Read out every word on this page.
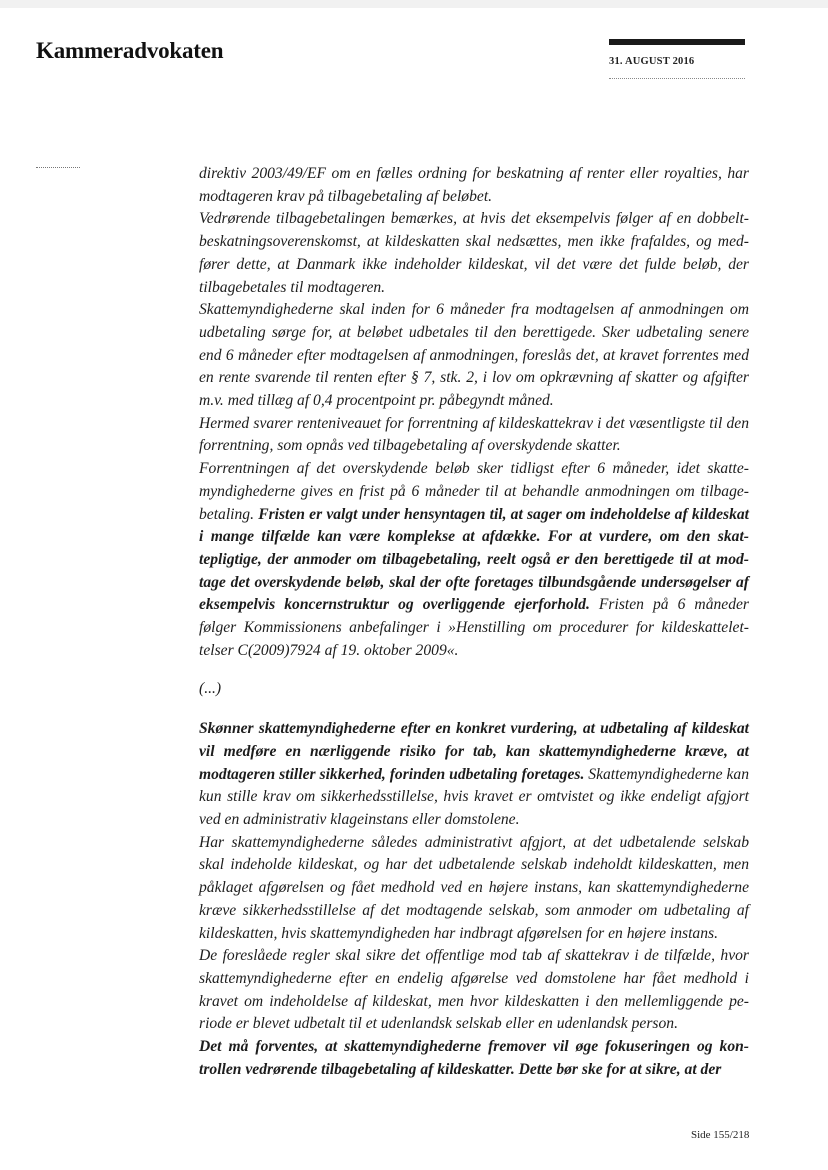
Kammeradvokaten	31. AUGUST 2016

direktiv 2003/49/EF om en fælles ordning for beskatning af renter eller royalties, har modtageren krav på tilbagebetaling af beløbet.

Vedrørende tilbagebetalingen bemærkes, at hvis det eksempelvis følger af en dobbeltbeskatningsoverenskomst, at kildeskatten skal nedsættes, men ikke frafaldes, og medfører dette, at Danmark ikke indeholder kildeskat, vil det være det fulde beløb, der tilbagebetales til modtageren.

Skattemyndighederne skal inden for 6 måneder fra modtagelsen af anmodningen om udbetaling sørge for, at beløbet udbetales til den berettigede. Sker udbetaling senere end 6 måneder efter modtagelsen af anmodningen, foreslås det, at kravet forrentes med en rente svarende til renten efter § 7, stk. 2, i lov om opkrævning af skatter og afgifter m.v. med tillæg af 0,4 procentpoint pr. påbegyndt måned.

Hermed svarer renteniveauet for forrentning af kildeskattekrav i det væsentligste til den forrentning, som opnås ved tilbagebetaling af overskydende skatter.

Forrentningen af det overskydende beløb sker tidligst efter 6 måneder, idet skattemyndighederne gives en frist på 6 måneder til at behandle anmodningen om tilbagebetaling. Fristen er valgt under hensyntagen til, at sager om indeholdelse af kildeskat i mange tilfælde kan være komplekse at afdække. For at vurdere, om den skattepligtige, der anmoder om tilbagebetaling, reelt også er den berettigede til at modtage det overskydende beløb, skal der ofte foretages tilbundsgående undersøgelser af eksempelvis koncernstruktur og overliggende ejerforhold. Fristen på 6 måneder følger Kommissionens anbefalinger i »Henstilling om procedurer for kildeskattelettelser C(2009)7924 af 19. oktober 2009«.

(...)

Skønner skattemyndighederne efter en konkret vurdering, at udbetaling af kildeskat vil medføre en nærliggende risiko for tab, kan skattemyndighederne kræve, at modtageren stiller sikkerhed, forinden udbetaling foretages. Skattemyndighederne kan kun stille krav om sikkerhedsstillelse, hvis kravet er omtvistet og ikke endeligt afgjort ved en administrativ klageinstans eller domstolene.

Har skattemyndighederne således administrativt afgjort, at det udbetalende selskab skal indeholde kildeskat, og har det udbetalende selskab indeholdt kildeskatten, men påklaget afgørelsen og fået medhold ved en højere instans, kan skattemyndighederne kræve sikkerhedsstillelse af det modtagende selskab, som anmoder om udbetaling af kildeskatten, hvis skattemyndigheden har indbragt afgørelsen for en højere instans.

De foreslåede regler skal sikre det offentlige mod tab af skattekrav i de tilfælde, hvor skattemyndighederne efter en endelig afgørelse ved domstolene har fået medhold i kravet om indeholdelse af kildeskat, men hvor kildeskatten i den mellemliggende periode er blevet udbetalt til et udenlandsk selskab eller en udenlandsk person.

Det må forventes, at skattemyndighederne fremover vil øge fokuseringen og kontrollen vedrørende tilbagebetaling af kildeskatter. Dette bør ske for at sikre, at der

Side 155/218
